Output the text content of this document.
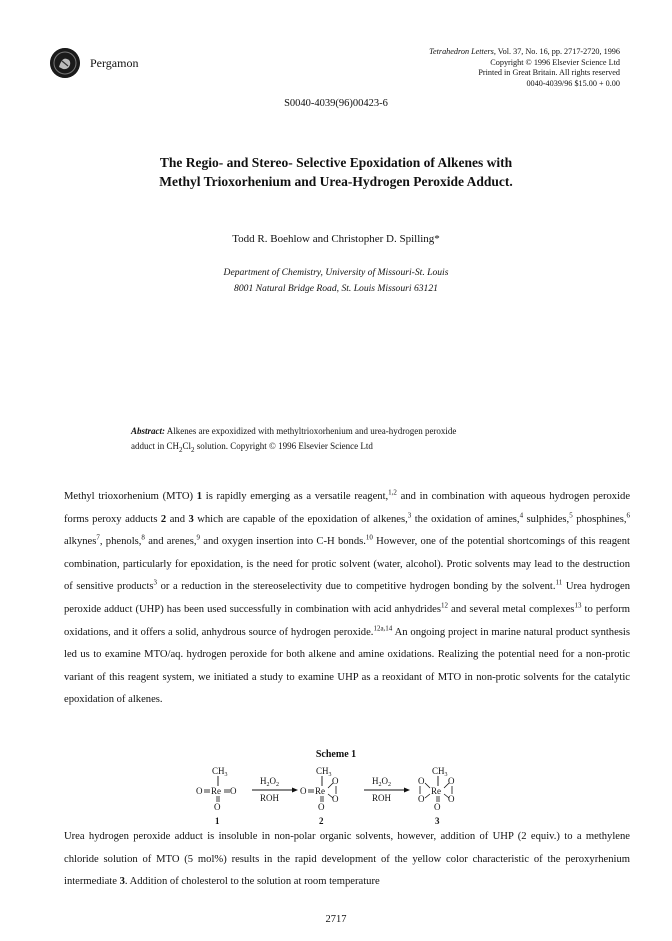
Pergamon
Tetrahedron Letters, Vol. 37, No. 16, pp. 2717-2720, 1996
Copyright © 1996 Elsevier Science Ltd
Printed in Great Britain. All rights reserved
0040-4039/96 $15.00 + 0.00
S0040-4039(96)00423-6
The Regio- and Stereo- Selective Epoxidation of Alkenes with
Methyl Trioxorhenium and Urea-Hydrogen Peroxide Adduct.
Todd R. Boehlow and Christopher D. Spilling*
Department of Chemistry, University of Missouri-St. Louis
8001 Natural Bridge Road, St. Louis Missouri 63121
Abstract: Alkenes are expoxidized with methyltrioxorhenium and urea-hydrogen peroxide
adduct in $CH_2Cl_2$ solution. Copyright © 1996 Elsevier Science Ltd
Methyl trioxorhenium (MTO) 1 is rapidly emerging as a versatile reagent,$^{1,2}$ and in combination with aqueous hydrogen peroxide forms peroxy adducts 2 and 3 which are capable of the epoxidation of alkenes,$^3$ the oxidation of amines,$^4$ sulphides,$^5$ phosphines,$^6$ alkynes$^7$, phenols,$^8$ and arenes,$^9$ and oxygen insertion into C-H bonds.$^{10}$ However, one of the potential shortcomings of this reagent combination, particularly for epoxidation, is the need for protic solvent (water, alcohol). Protic solvents may lead to the destruction of sensitive products$^3$ or a reduction in the stereoselectivity due to competitive hydrogen bonding by the solvent.$^{11}$ Urea hydrogen peroxide adduct (UHP) has been used successfully in combination with acid anhydrides$^{12}$ and several metal complexes$^{13}$ to perform oxidations, and it offers a solid, anhydrous source of hydrogen peroxide.$^{12a,14}$ An ongoing project in marine natural product synthesis led us to examine MTO/aq. hydrogen peroxide for both alkene and amine oxidations. Realizing the potential need for a non-protic variant of this reagent system, we initiated a study to examine UHP as a reoxidant of MTO in non-protic solvents for the catalytic epoxidation of alkenes.
Scheme 1
$CH_3$
O Re O
O
1
$H_2O_2$
ROH
$CH_3$
O Re
O
O
O
2
$H_2O_2$
ROH
$CH_3$
O
O
Re
O
O
O
3
Urea hydrogen peroxide adduct is insoluble in non-polar organic solvents, however, addition of UHP (2 equiv.) to a methylene chloride solution of MTO (5 mol%) results in the rapid development of the yellow color characteristic of the peroxyrhenium intermediate 3. Addition of cholesterol to the solution at room temperature
2717
